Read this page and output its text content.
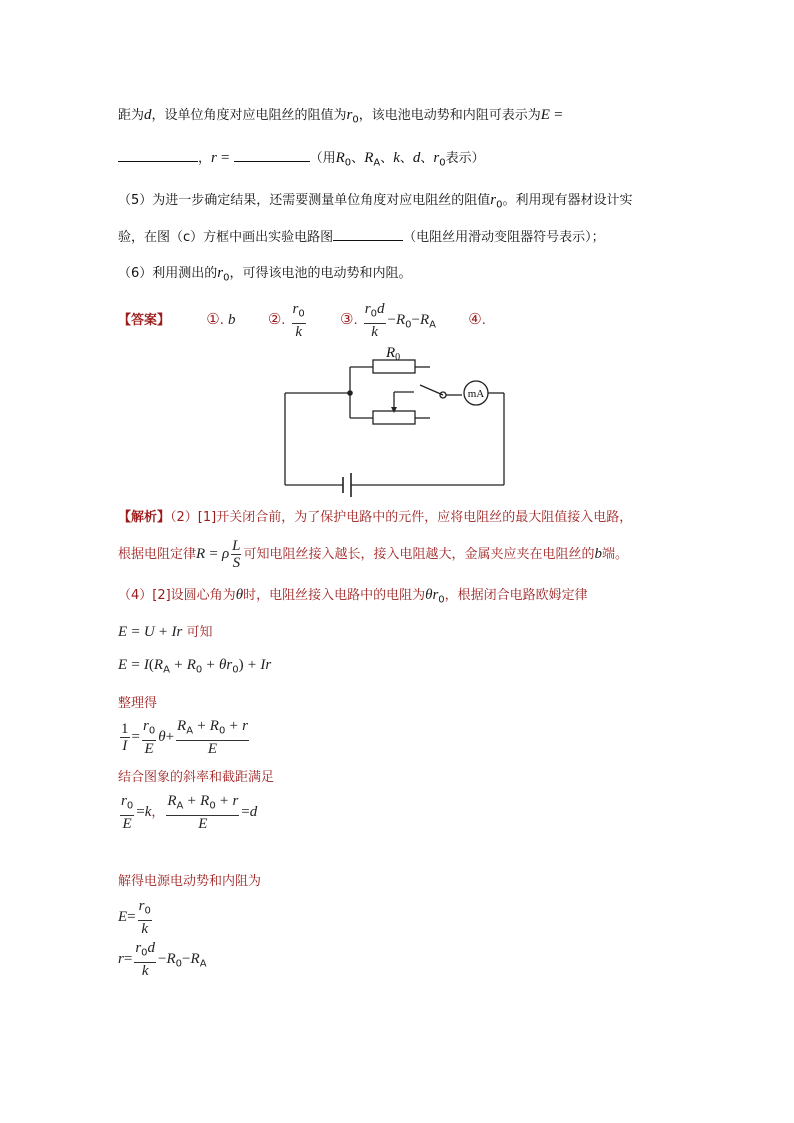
距为d，设单位角度对应电阻丝的阻值为$r_0$，该电池电动势和内阻可表示为E =
，r =	（用$R_0$、$R_A$、k、d、$r_0$表示）
（5）为进一步确定结果，还需要测量单位角度对应电阻丝的阻值$r_0$。利用现有器材设计实
验，在图（c）方框中画出实验电路图	（电阻丝用滑动变阻器符号表示）；
（6）利用测出的$r_0$，可得该电池的电动势和内阻。
【答案】 ①. b ②. $\frac{r_0}{k}$ ③. $\frac{r_0d}{k} -R_0-R_A$ ④.
$R_0$
mA
【解析】（2）[1]开关闭合前，为了保护电路中的元件，应将电阻丝的最大阻值接入电路，
根据电阻定律R = ρ $\frac{L}{S}$ 可知电阻丝接入越长，接入电阻越大，金属夹应夹在电阻丝的b端。
（4）[2]设圆心角为θ时，电阻丝接入电路中的电阻为$\theta r_0$，根据闭合电路欧姆定律
E = U + Ir 可知
$E = I(R_A + R_0 + \theta r_0) + Ir$
整理得
$\frac{1}{I} = \frac{r_0}{E} \theta+ \frac{R_A + R_0 + r}{E}$
结合图象的斜率和截距满足
$\frac{r_0}{E} =k$， $\frac{R_A + R_0 + r}{E} =d$
解得电源电动势和内阻为
$E= \frac{r_0}{k}$
$r= \frac{r_0d}{k} -R_0-R_A$
